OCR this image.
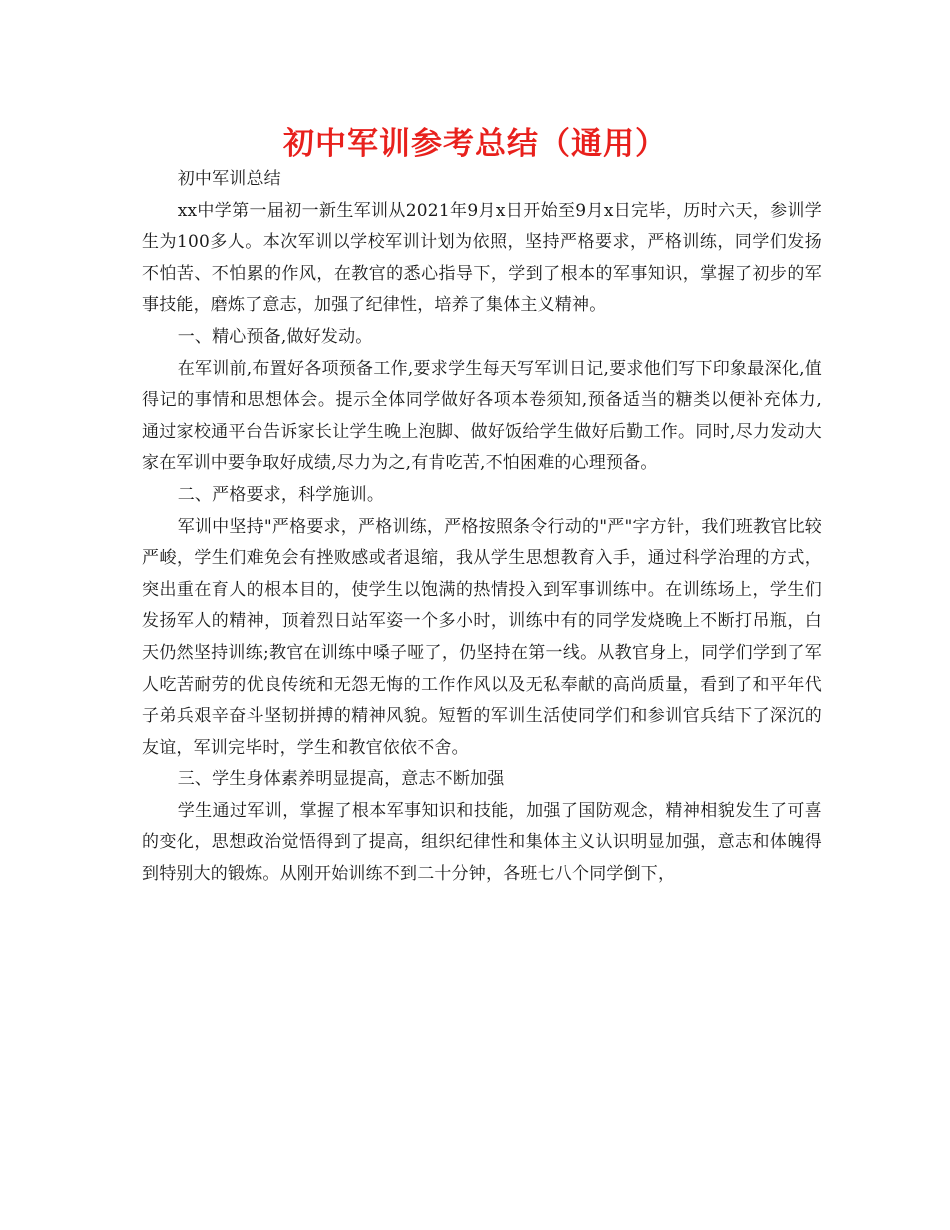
初中军训参考总结（通用）

初中军训总结

xx中学第一届初一新生军训从2021年9月x日开始至9月x日完毕，历时六天，参训学生为100多人。本次军训以学校军训计划为依照，坚持严格要求，严格训练，同学们发扬不怕苦、不怕累的作风，在教官的悉心指导下，学到了根本的军事知识，掌握了初步的军事技能，磨炼了意志，加强了纪律性，培养了集体主义精神。

一、精心预备,做好发动。

在军训前,布置好各项预备工作,要求学生每天写军训日记,要求他们写下印象最深化,值得记的事情和思想体会。提示全体同学做好各项本卷须知,预备适当的糖类以便补充体力,通过家校通平台告诉家长让学生晚上泡脚、做好饭给学生做好后勤工作。同时,尽力发动大家在军训中要争取好成绩,尽力为之,有肯吃苦,不怕困难的心理预备。

二、严格要求，科学施训。

军训中坚持"严格要求，严格训练，严格按照条令行动的"严"字方针，我们班教官比较严峻，学生们难免会有挫败感或者退缩，我从学生思想教育入手，通过科学治理的方式，突出重在育人的根本目的，使学生以饱满的热情投入到军事训练中。在训练场上，学生们发扬军人的精神，顶着烈日站军姿一个多小时，训练中有的同学发烧晚上不断打吊瓶，白天仍然坚持训练;教官在训练中嗓子哑了，仍坚持在第一线。从教官身上，同学们学到了军人吃苦耐劳的优良传统和无怨无悔的工作作风以及无私奉献的高尚质量，看到了和平年代子弟兵艰辛奋斗坚韧拼搏的精神风貌。短暂的军训生活使同学们和参训官兵结下了深沉的友谊，军训完毕时，学生和教官依依不舍。

三、学生身体素养明显提高，意志不断加强

学生通过军训，掌握了根本军事知识和技能，加强了国防观念，精神相貌发生了可喜的变化，思想政治觉悟得到了提高，组织纪律性和集体主义认识明显加强，意志和体魄得到特别大的锻炼。从刚开始训练不到二十分钟，各班七八个同学倒下，
